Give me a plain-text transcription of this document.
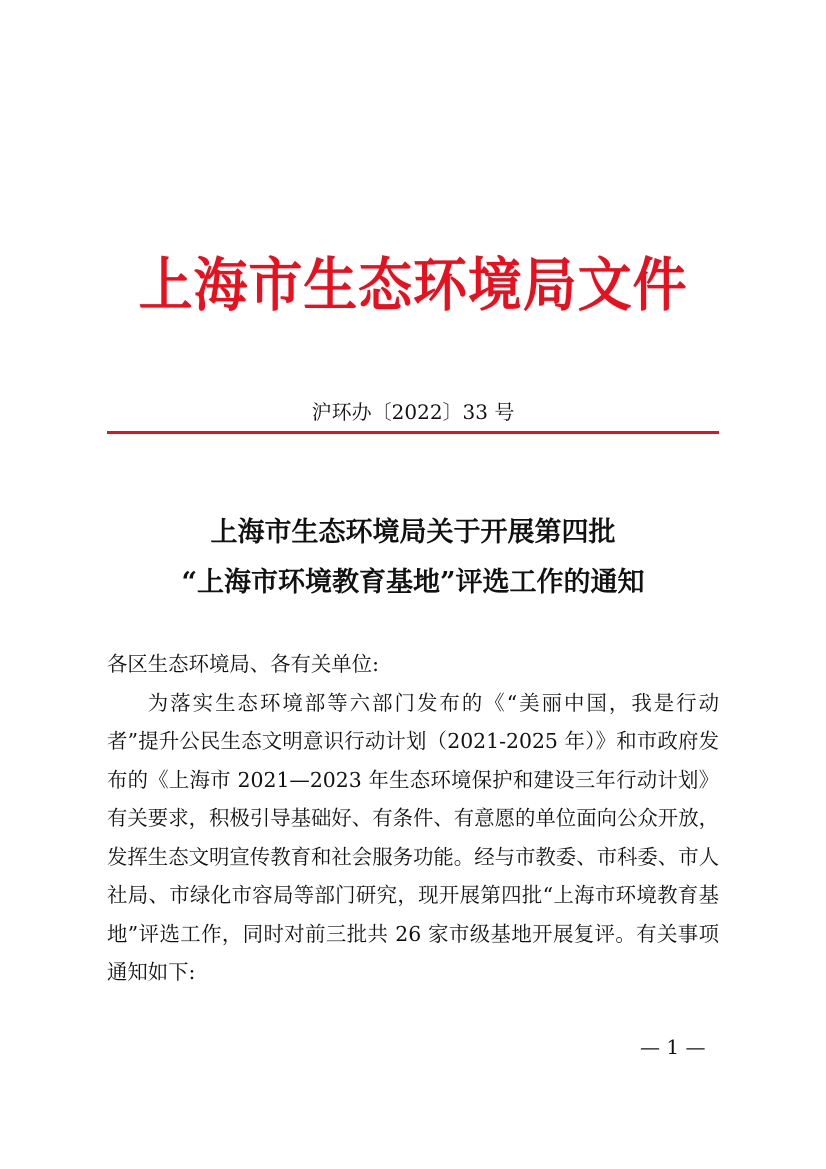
上海市生态环境局文件
沪环办〔2022〕33 号
上海市生态环境局关于开展第四批
“上海市环境教育基地”评选工作的通知

各区生态环境局、各有关单位:

为落实生态环境部等六部门发布的《“美丽中国，我是行动者”提升公民生态文明意识行动计划（2021-2025 年）》和市政府发布的《上海市 2021—2023 年生态环境保护和建设三年行动计划》有关要求，积极引导基础好、有条件、有意愿的单位面向公众开放，发挥生态文明宣传教育和社会服务功能。经与市教委、市科委、市人社局、市绿化市容局等部门研究，现开展第四批“上海市环境教育基地”评选工作，同时对前三批共 26 家市级基地开展复评。有关事项通知如下:

— 1 —
